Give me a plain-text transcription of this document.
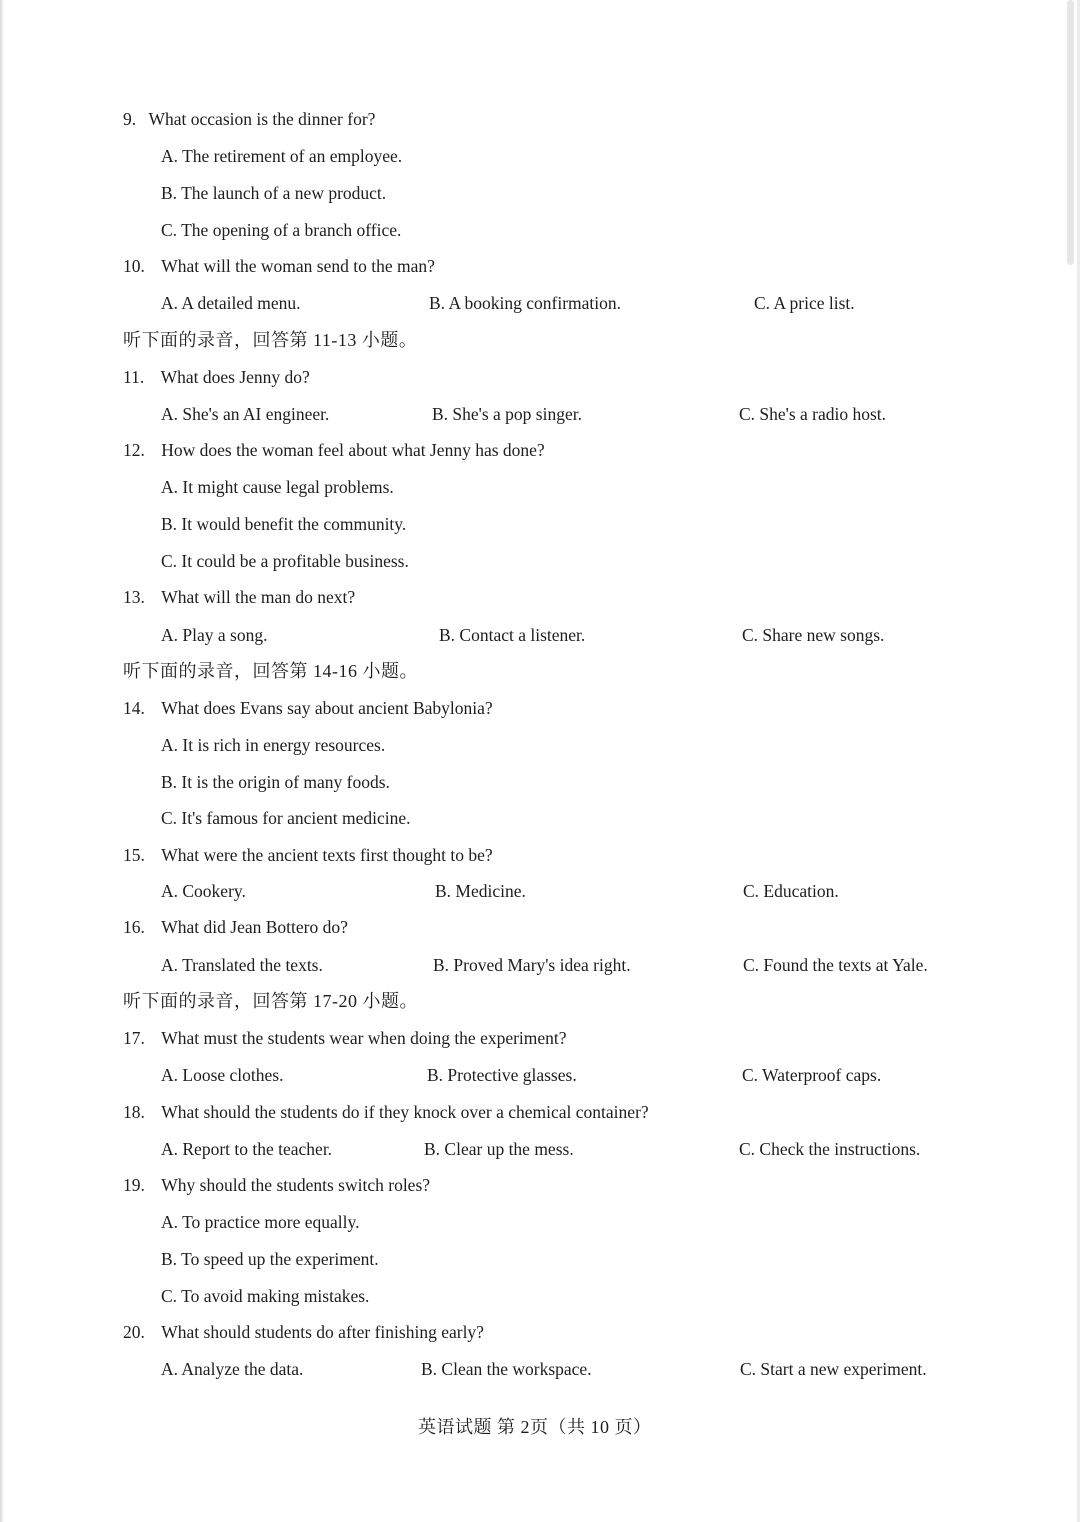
9. What occasion is the dinner for?
A. The retirement of an employee.
B. The launch of a new product.
C. The opening of a branch office.
10. What will the woman send to the man?
A. A detailed menu.	B. A booking confirmation.	C. A price list.
听下面的录音，回答第 11-13 小题。
11. What does Jenny do?
A. She's an AI engineer.	B. She's a pop singer.	C. She's a radio host.
12. How does the woman feel about what Jenny has done?
A. It might cause legal problems.
B. It would benefit the community.
C. It could be a profitable business.
13. What will the man do next?
A. Play a song.	B. Contact a listener.	C. Share new songs.
听下面的录音，回答第 14-16 小题。
14. What does Evans say about ancient Babylonia?
A. It is rich in energy resources.
B. It is the origin of many foods.
C. It's famous for ancient medicine.
15. What were the ancient texts first thought to be?
A. Cookery.	B. Medicine.	C. Education.
16. What did Jean Bottero do?
A. Translated the texts.	B. Proved Mary's idea right.	C. Found the texts at Yale.
听下面的录音，回答第 17-20 小题。
17. What must the students wear when doing the experiment?
A. Loose clothes.	B. Protective glasses.	C. Waterproof caps.
18. What should the students do if they knock over a chemical container?
A. Report to the teacher.	B. Clear up the mess.	C. Check the instructions.
19. Why should the students switch roles?
A. To practice more equally.
B. To speed up the experiment.
C. To avoid making mistakes.
20. What should students do after finishing early?
A. Analyze the data.	B. Clean the workspace.	C. Start a new experiment.
英语试题 第 2页（共 10 页）
